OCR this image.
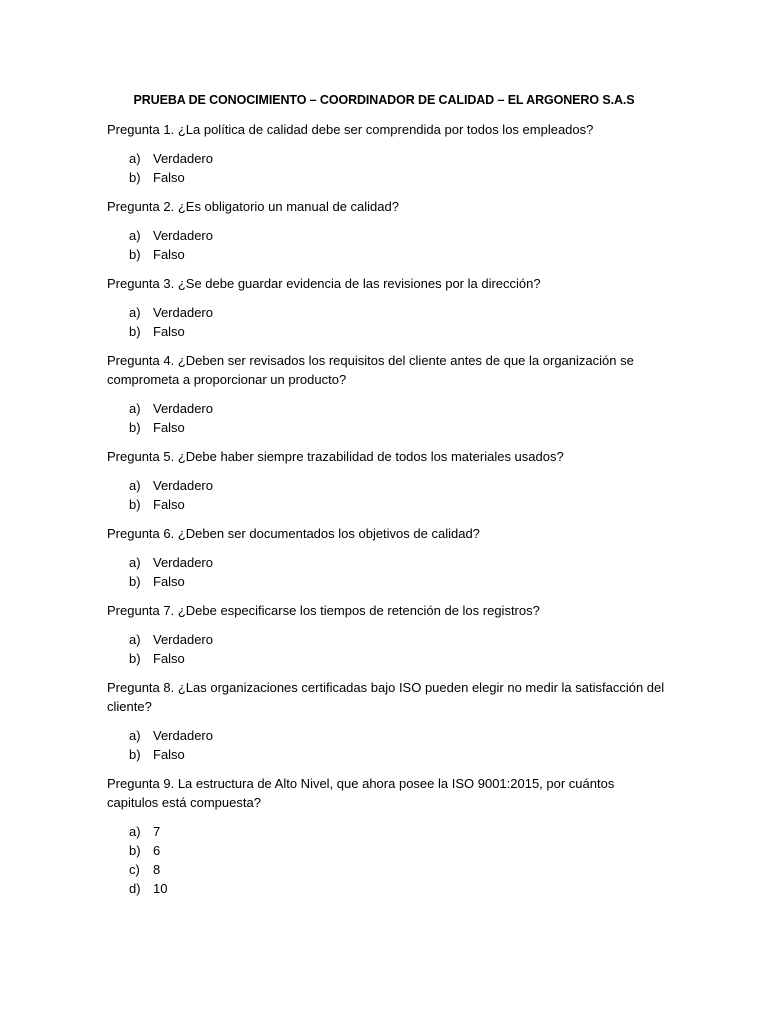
PRUEBA DE CONOCIMIENTO – COORDINADOR DE CALIDAD – EL ARGONERO S.A.S
Pregunta 1. ¿La política de calidad debe ser comprendida por todos los empleados?
a) Verdadero
b) Falso
Pregunta 2. ¿Es obligatorio un manual de calidad?
a) Verdadero
b) Falso
Pregunta 3. ¿Se debe guardar evidencia de las revisiones por la dirección?
a) Verdadero
b) Falso
Pregunta 4. ¿Deben ser revisados los requisitos del cliente antes de que la organización se comprometa a proporcionar un producto?
a) Verdadero
b) Falso
Pregunta 5. ¿Debe haber siempre trazabilidad de todos los materiales usados?
a) Verdadero
b) Falso
Pregunta 6. ¿Deben ser documentados los objetivos de calidad?
a) Verdadero
b) Falso
Pregunta 7. ¿Debe especificarse los tiempos de retención de los registros?
a) Verdadero
b) Falso
Pregunta 8. ¿Las organizaciones certificadas bajo ISO pueden elegir no medir la satisfacción del cliente?
a) Verdadero
b) Falso
Pregunta 9. La estructura de Alto Nivel, que ahora posee la ISO 9001:2015, por cuántos capitulos está compuesta?
a) 7
b) 6
c) 8
d) 10
